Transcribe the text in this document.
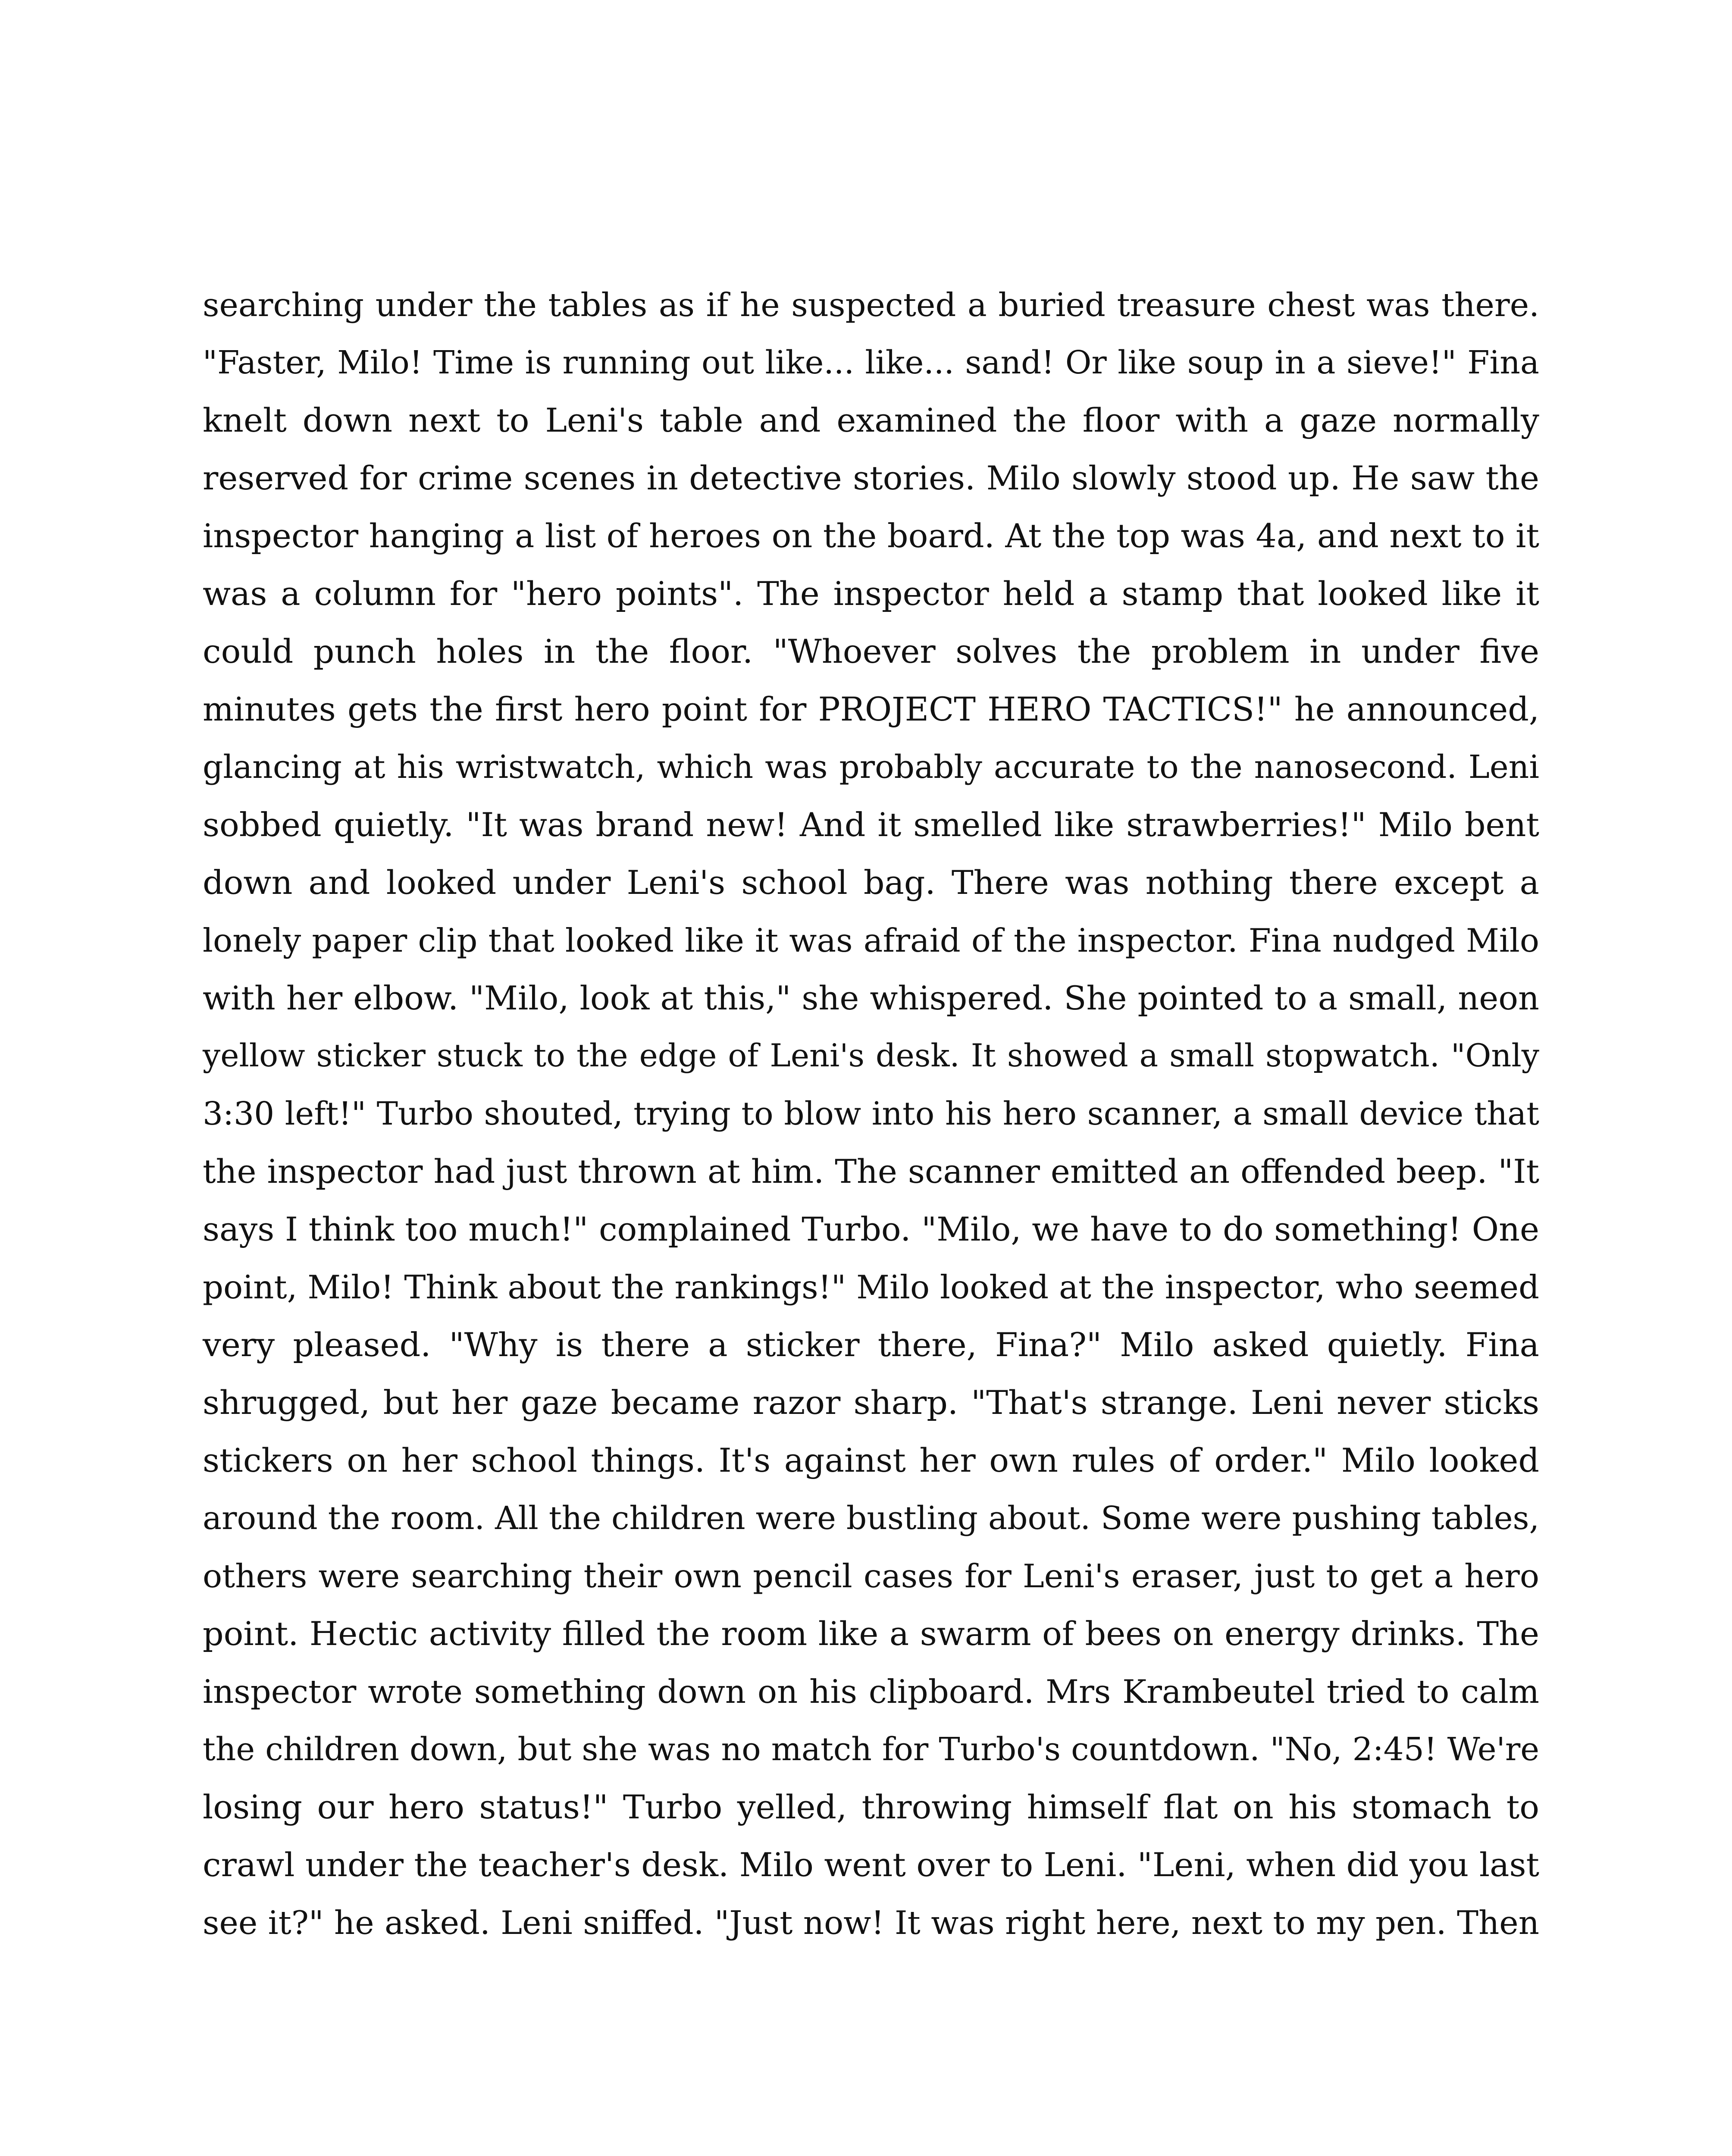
searching under the tables as if he suspected a buried treasure chest was there.
"Faster, Milo! Time is running out like... like... sand! Or like soup in a sieve!" Fina
knelt down next to Leni's table and examined the floor with a gaze normally
reserved for crime scenes in detective stories. Milo slowly stood up. He saw the
inspector hanging a list of heroes on the board. At the top was 4a, and next to it
was a column for "hero points". The inspector held a stamp that looked like it
could punch holes in the floor. "Whoever solves the problem in under five
minutes gets the first hero point for PROJECT HERO TACTICS!" he announced,
glancing at his wristwatch, which was probably accurate to the nanosecond. Leni
sobbed quietly. "It was brand new! And it smelled like strawberries!" Milo bent
down and looked under Leni's school bag. There was nothing there except a
lonely paper clip that looked like it was afraid of the inspector. Fina nudged Milo
with her elbow. "Milo, look at this," she whispered. She pointed to a small, neon
yellow sticker stuck to the edge of Leni's desk. It showed a small stopwatch. "Only
3:30 left!" Turbo shouted, trying to blow into his hero scanner, a small device that
the inspector had just thrown at him. The scanner emitted an offended beep. "It
says I think too much!" complained Turbo. "Milo, we have to do something! One
point, Milo! Think about the rankings!" Milo looked at the inspector, who seemed
very pleased. "Why is there a sticker there, Fina?" Milo asked quietly. Fina
shrugged, but her gaze became razor sharp. "That's strange. Leni never sticks
stickers on her school things. It's against her own rules of order." Milo looked
around the room. All the children were bustling about. Some were pushing tables,
others were searching their own pencil cases for Leni's eraser, just to get a hero
point. Hectic activity filled the room like a swarm of bees on energy drinks. The
inspector wrote something down on his clipboard. Mrs Krambeutel tried to calm
the children down, but she was no match for Turbo's countdown. "No, 2:45! We're
losing our hero status!" Turbo yelled, throwing himself flat on his stomach to
crawl under the teacher's desk. Milo went over to Leni. "Leni, when did you last
see it?" he asked. Leni sniffed. "Just now! It was right here, next to my pen. Then
